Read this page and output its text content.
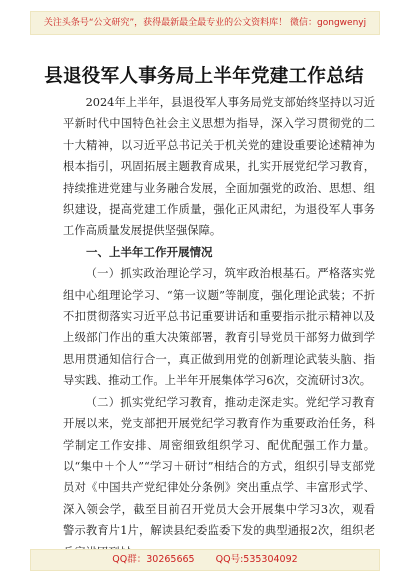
关注头条号“公文研究”，获得最新最全最专业的公文资料库！ 微信：gongwenyj
县退役军人事务局上半年党建工作总结

2024年上半年，县退役军人事务局党支部始终坚持以习近平新时代中国特色社会主义思想为指导，深入学习贯彻党的二十大精神，以习近平总书记关于机关党的建设重要论述精神为根本指引，巩固拓展主题教育成果，扎实开展党纪学习教育，持续推进党建与业务融合发展，全面加强党的政治、思想、组织建设，提高党建工作质量，强化正风肃纪，为退役军人事务工作高质量发展提供坚强保障。

一、上半年工作开展情况

（一）抓实政治理论学习，筑牢政治根基石。严格落实党组中心组理论学习、“第一议题”等制度，强化理论武装；不折不扣贯彻落实习近平总书记重要讲话和重要指示批示精神以及上级部门作出的重大决策部署，教育引导党员干部努力做到学思用贯通知信行合一，真正做到用党的创新理论武装头脑、指导实践、推动工作。上半年开展集体学习6次，交流研讨3次。

（二）抓实党纪学习教育，推动走深走实。党纪学习教育开展以来，党支部把开展党纪学习教育作为重要政治任务，科学制定工作安排、周密细致组织学习、配优配强工作力量。以“集中＋个人”“学习＋研讨”相结合的方式，组织引导支部党员对《中国共产党纪律处分条例》突出重点学、丰富形式学、深入领会学，截至目前召开党员大会开展集中学习3次，观看警示教育片1片，解读县纪委监委下发的典型通报2次，组织老

QQ群：30265665 QQ号:535304092
